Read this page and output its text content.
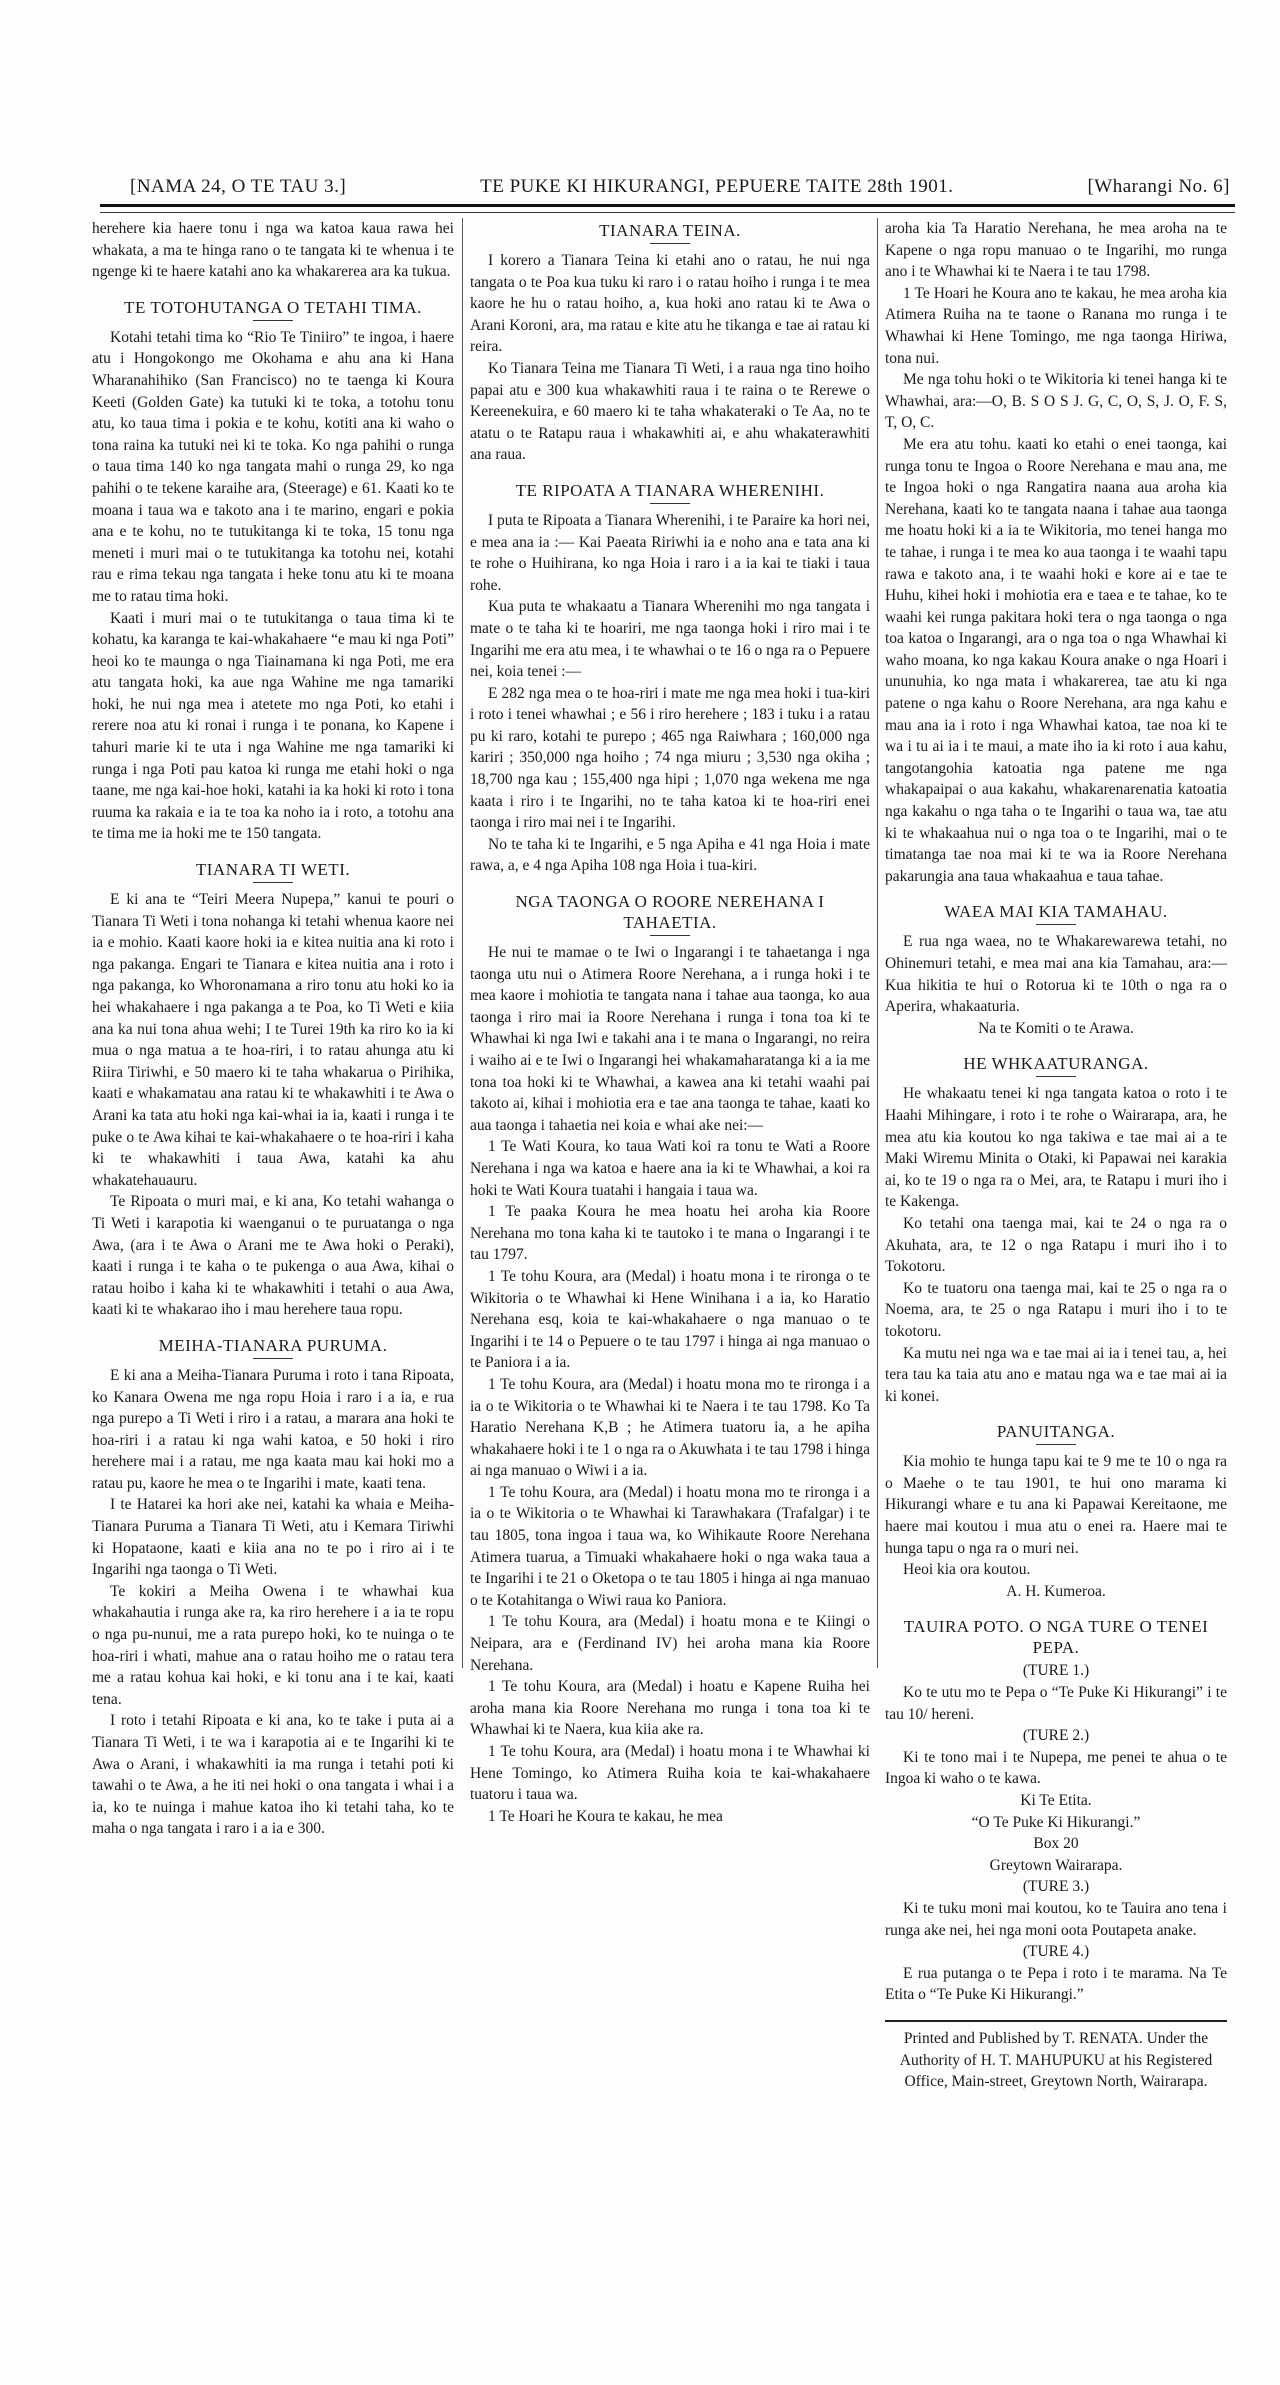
[NAMA 24, O TE TAU 3.]	TE PUKE KI HIKURANGI, PEPUERE TAITE 28th 1901.	[Wharangi No. 6]

herehere kia haere tonu i nga wa katoa kaua rawa hei whakata, a ma te hinga rano o te tangata ki te whenua i te ngenge ki te haere katahi ano ka whakarerea ara ka tukua.

TE TOTOHUTANGA O TETAHI TIMA.

Kotahi tetahi tima ko “Rio Te Tiniiro” te ingoa, i haere atu i Hongokongo me Okohama e ahu ana ki Hana Wharanahihiko (San Francisco) no te taenga ki Koura Keeti (Golden Gate) ka tutuki ki te toka, a totohu tonu atu, ko taua tima i pokia e te kohu, kotiti ana ki waho o tona raina ka tutuki nei ki te toka. Ko nga pahihi o runga o taua tima 140 ko nga tangata mahi o runga 29, ko nga pahihi o te tekene karaihe ara, (Steerage) e 61. Kaati ko te moana i taua wa e takoto ana i te marino, engari e pokia ana e te kohu, no te tutukitanga ki te toka, 15 tonu nga meneti i muri mai o te tutukitanga ka totohu nei, kotahi rau e rima tekau nga tangata i heke tonu atu ki te moana me to ratau tima hoki.

Kaati i muri mai o te tutukitanga o taua tima ki te kohatu, ka karanga te kai-whakahaere “e mau ki nga Poti” heoi ko te maunga o nga Tiainamana ki nga Poti, me era atu tangata hoki, ka aue nga Wahine me nga tamariki hoki, he nui nga mea i atetete mo nga Poti, ko etahi i rerere noa atu ki ronai i runga i te ponana, ko Kapene i tahuri marie ki te uta i nga Wahine me nga tamariki ki runga i nga Poti pau katoa ki runga me etahi hoki o nga taane, me nga kai-hoe hoki, katahi ia ka hoki ki roto i tona ruuma ka rakaia e ia te toa ka noho ia i roto, a totohu ana te tima me ia hoki me te 150 tangata.

TIANARA TI WETI.

E ki ana te “Teiri Meera Nupepa,” kanui te pouri o Tianara Ti Weti i tona nohanga ki tetahi whenua kaore nei ia e mohio. Kaati kaore hoki ia e kitea nuitia ana ki roto i nga pakanga. Engari te Tianara e kitea nuitia ana i roto i nga pakanga, ko Whoronamana a riro tonu atu hoki ko ia hei whakahaere i nga pakanga a te Poa, ko Ti Weti e kiia ana ka nui tona ahua wehi; I te Turei 19th ka riro ko ia ki mua o nga matua a te hoa-riri, i to ratau ahunga atu ki Riira Tiriwhi, e 50 maero ki te taha whakarua o Pirihika, kaati e whakamatau ana ratau ki te whakawhiti i te Awa o Arani ka tata atu hoki nga kai-whai ia ia, kaati i runga i te puke o te Awa kihai te kai-whakahaere o te hoa-riri i kaha ki te whakawhiti i taua Awa, katahi ka ahu whakatehauauru.

Te Ripoata o muri mai, e ki ana, Ko tetahi wahanga o Ti Weti i karapotia ki waenganui o te puruatanga o nga Awa, (ara i te Awa o Arani me te Awa hoki o Peraki), kaati i runga i te kaha o te pukenga o aua Awa, kihai o ratau hoibo i kaha ki te whakawhiti i tetahi o aua Awa, kaati ki te whakarao iho i mau herehere taua ropu.

MEIHA-TIANARA PURUMA.

E ki ana a Meiha-Tianara Puruma i roto i tana Ripoata, ko Kanara Owena me nga ropu Hoia i raro i a ia, e rua nga purepo a Ti Weti i riro i a ratau, a marara ana hoki te hoa-riri i a ratau ki nga wahi katoa, e 50 hoki i riro herehere mai i a ratau, me nga kaata mau kai hoki mo a ratau pu, kaore he mea o te Ingarihi i mate, kaati tena.

I te Hatarei ka hori ake nei, katahi ka whaia e Meiha-Tianara Puruma a Tianara Ti Weti, atu i Kemara Tiriwhi ki Hopataone, kaati e kiia ana no te po i riro ai i te Ingarihi nga taonga o Ti Weti.

Te kokiri a Meiha Owena i te whawhai kua whakahautia i runga ake ra, ka riro herehere i a ia te ropu o nga pu-nunui, me a rata purepo hoki, ko te nuinga o te hoa-riri i whati, mahue ana o ratau hoiho me o ratau tera me a ratau kohua kai hoki, e ki tonu ana i te kai, kaati tena.

I roto i tetahi Ripoata e ki ana, ko te take i puta ai a Tianara Ti Weti, i te wa i karapotia ai e te Ingarihi ki te Awa o Arani, i whakawhiti ia ma runga i tetahi poti ki tawahi o te Awa, a he iti nei hoki o ona tangata i whai i a ia, ko te nuinga i mahue katoa iho ki tetahi taha, ko te maha o nga tangata i raro i a ia e 300.

TIANARA TEINA.

I korero a Tianara Teina ki etahi ano o ratau, he nui nga tangata o te Poa kua tuku ki raro i o ratau hoiho i runga i te mea kaore he hu o ratau hoiho, a, kua hoki ano ratau ki te Awa o Arani Koroni, ara, ma ratau e kite atu he tikanga e tae ai ratau ki reira.

Ko Tianara Teina me Tianara Ti Weti, i a raua nga tino hoiho papai atu e 300 kua whakawhiti raua i te raina o te Rerewe o Kereenekuira, e 60 maero ki te taha whakateraki o Te Aa, no te atatu o te Ratapu raua i whakawhiti ai, e ahu whakaterawhiti ana raua.

TE RIPOATA A TIANARA WHERENIHI.

I puta te Ripoata a Tianara Wherenihi, i te Paraire ka hori nei, e mea ana ia :— Kai Paeata Ririwhi ia e noho ana e tata ana ki te rohe o Huihirana, ko nga Hoia i raro i a ia kai te tiaki i taua rohe.

Kua puta te whakaatu a Tianara Wherenihi mo nga tangata i mate o te taha ki te hoariri, me nga taonga hoki i riro mai i te Ingarihi me era atu mea, i te whawhai o te 16 o nga ra o Pepuere nei, koia tenei :—

E 282 nga mea o te hoa-riri i mate me nga mea hoki i tua-kiri i roto i tenei whawhai ; e 56 i riro herehere ; 183 i tuku i a ratau pu ki raro, kotahi te purepo ; 465 nga Raiwhara ; 160,000 nga kariri ; 350,000 nga hoiho ; 74 nga miuru ; 3,530 nga okiha ; 18,700 nga kau ; 155,400 nga hipi ; 1,070 nga wekena me nga kaata i riro i te Ingarihi, no te taha katoa ki te hoa-riri enei taonga i riro mai nei i te Ingarihi.

No te taha ki te Ingarihi, e 5 nga Apiha e 41 nga Hoia i mate rawa, a, e 4 nga Apiha 108 nga Hoia i tua-kiri.

NGA TAONGA O ROORE NEREHANA I TAHAETIA.

He nui te mamae o te Iwi o Ingarangi i te tahaetanga i nga taonga utu nui o Atimera Roore Nerehana, a i runga hoki i te mea kaore i mohiotia te tangata nana i tahae aua taonga, ko aua taonga i riro mai ia Roore Nerehana i runga i tona toa ki te Whawhai ki nga Iwi e takahi ana i te mana o Ingarangi, no reira i waiho ai e te Iwi o Ingarangi hei whakamaharatanga ki a ia me tona toa hoki ki te Whawhai, a kawea ana ki tetahi waahi pai takoto ai, kihai i mohiotia era e tae ana taonga te tahae, kaati ko aua taonga i tahaetia nei koia e whai ake nei:—

1 Te Wati Koura, ko taua Wati koi ra tonu te Wati a Roore Nerehana i nga wa katoa e haere ana ia ki te Whawhai, a koi ra hoki te Wati Koura tuatahi i hangaia i taua wa.

1 Te paaka Koura he mea hoatu hei aroha kia Roore Nerehana mo tona kaha ki te tautoko i te mana o Ingarangi i te tau 1797.

1 Te tohu Koura, ara (Medal) i hoatu mona i te rironga o te Wikitoria o te Whawhai ki Hene Winihana i a ia, ko Haratio Nerehana esq, koia te kai-whakahaere o nga manuao o te Ingarihi i te 14 o Pepuere o te tau 1797 i hinga ai nga manuao o te Paniora i a ia.

1 Te tohu Koura, ara (Medal) i hoatu mona mo te rironga i a ia o te Wikitoria o te Whawhai ki te Naera i te tau 1798. Ko Ta Haratio Nerehana K,B ; he Atimera tuatoru ia, a he apiha whakahaere hoki i te 1 o nga ra o Akuwhata i te tau 1798 i hinga ai nga manuao o Wiwi i a ia.

1 Te tohu Koura, ara (Medal) i hoatu mona mo te rironga i a ia o te Wikitoria o te Whawhai ki Tarawhakara (Trafalgar) i te tau 1805, tona ingoa i taua wa, ko Wihikaute Roore Nerehana Atimera tuarua, a Timuaki whakahaere hoki o nga waka taua a te Ingarihi i te 21 o Oketopa o te tau 1805 i hinga ai nga manuao o te Kotahitanga o Wiwi raua ko Paniora.

1 Te tohu Koura, ara (Medal) i hoatu mona e te Kiingi o Neipara, ara e (Ferdinand IV) hei aroha mana kia Roore Nerehana.

1 Te tohu Koura, ara (Medal) i hoatu e Kapene Ruiha hei aroha mana kia Roore Nerehana mo runga i tona toa ki te Whawhai ki te Naera, kua kiia ake ra.

1 Te tohu Koura, ara (Medal) i hoatu mona i te Whawhai ki Hene Tomingo, ko Atimera Ruiha koia te kai-whakahaere tuatoru i taua wa.

1 Te Hoari he Koura te kakau, he mea

aroha kia Ta Haratio Nerehana, he mea aroha na te Kapene o nga ropu manuao o te Ingarihi, mo runga ano i te Whawhai ki te Naera i te tau 1798.

1 Te Hoari he Koura ano te kakau, he mea aroha kia Atimera Ruiha na te taone o Ranana mo runga i te Whawhai ki Hene Tomingo, me nga taonga Hiriwa, tona nui.

Me nga tohu hoki o te Wikitoria ki tenei hanga ki te Whawhai, ara:—O, B. S O S J. G, C, O, S, J. O, F. S, T, O, C.

Me era atu tohu. kaati ko etahi o enei taonga, kai runga tonu te Ingoa o Roore Nerehana e mau ana, me te Ingoa hoki o nga Rangatira naana aua aroha kia Nerehana, kaati ko te tangata naana i tahae aua taonga me hoatu hoki ki a ia te Wikitoria, mo tenei hanga mo te tahae, i runga i te mea ko aua taonga i te waahi tapu rawa e takoto ana, i te waahi hoki e kore ai e tae te Huhu, kihei hoki i mohiotia era e taea e te tahae, ko te waahi kei runga pakitara hoki tera o nga taonga o nga toa katoa o Ingarangi, ara o nga toa o nga Whawhai ki waho moana, ko nga kakau Koura anake o nga Hoari i ununuhia, ko nga mata i whakarerea, tae atu ki nga patene o nga kahu o Roore Nerehana, ara nga kahu e mau ana ia i roto i nga Whawhai katoa, tae noa ki te wa i tu ai ia i te maui, a mate iho ia ki roto i aua kahu, tangotangohia katoatia nga patene me nga whakapaipai o aua kakahu, whakarenarenatia katoatia nga kakahu o nga taha o te Ingarihi o taua wa, tae atu ki te whakaahua nui o nga toa o te Ingarihi, mai o te timatanga tae noa mai ki te wa ia Roore Nerehana pakarungia ana taua whakaahua e taua tahae.

WAEA MAI KIA TAMAHAU.

E rua nga waea, no te Whakarewarewa tetahi, no Ohinemuri tetahi, e mea mai ana kia Tamahau, ara:—Kua hikitia te hui o Rotorua ki te 10th o nga ra o Aperira, whakaaturia.

Na te Komiti o te Arawa.

HE WHKAATURANGA.

He whakaatu tenei ki nga tangata katoa o roto i te Haahi Mihingare, i roto i te rohe o Wairarapa, ara, he mea atu kia koutou ko nga takiwa e tae mai ai a te Maki Wiremu Minita o Otaki, ki Papawai nei karakia ai, ko te 19 o nga ra o Mei, ara, te Ratapu i muri iho i te Kakenga.

Ko tetahi ona taenga mai, kai te 24 o nga ra o Akuhata, ara, te 12 o nga Ratapu i muri iho i to Tokotoru.

Ko te tuatoru ona taenga mai, kai te 25 o nga ra o Noema, ara, te 25 o nga Ratapu i muri iho i to te tokotoru.

Ka mutu nei nga wa e tae mai ai ia i tenei tau, a, hei tera tau ka taia atu ano e matau nga wa e tae mai ai ia ki konei.

PANUITANGA.

Kia mohio te hunga tapu kai te 9 me te 10 o nga ra o Maehe o te tau 1901, te hui ono marama ki Hikurangi whare e tu ana ki Papawai Kereitaone, me haere mai koutou i mua atu o enei ra. Haere mai te hunga tapu o nga ra o muri nei.

Heoi kia ora koutou.

A. H. Kumeroa.

TAUIRA POTO. O NGA TURE O TENEI PEPA.

(TURE 1.)

Ko te utu mo te Pepa o “Te Puke Ki Hikurangi” i te tau 10/ hereni.

(TURE 2.)

Ki te tono mai i te Nupepa, me penei te ahua o te Ingoa ki waho o te kawa.

Ki Te Etita.

“O Te Puke Ki Hikurangi.”

Box 20

Greytown Wairarapa.

(TURE 3.)

Ki te tuku moni mai koutou, ko te Tauira ano tena i runga ake nei, hei nga moni oota Poutapeta anake.

(TURE 4.)

E rua putanga o te Pepa i roto i te marama. Na Te Etita o “Te Puke Ki Hikurangi.”

Printed and Published by T. RENATA. Under the Authority of H. T. MAHUPUKU at his Registered Office, Main-street, Greytown North, Wairarapa.
